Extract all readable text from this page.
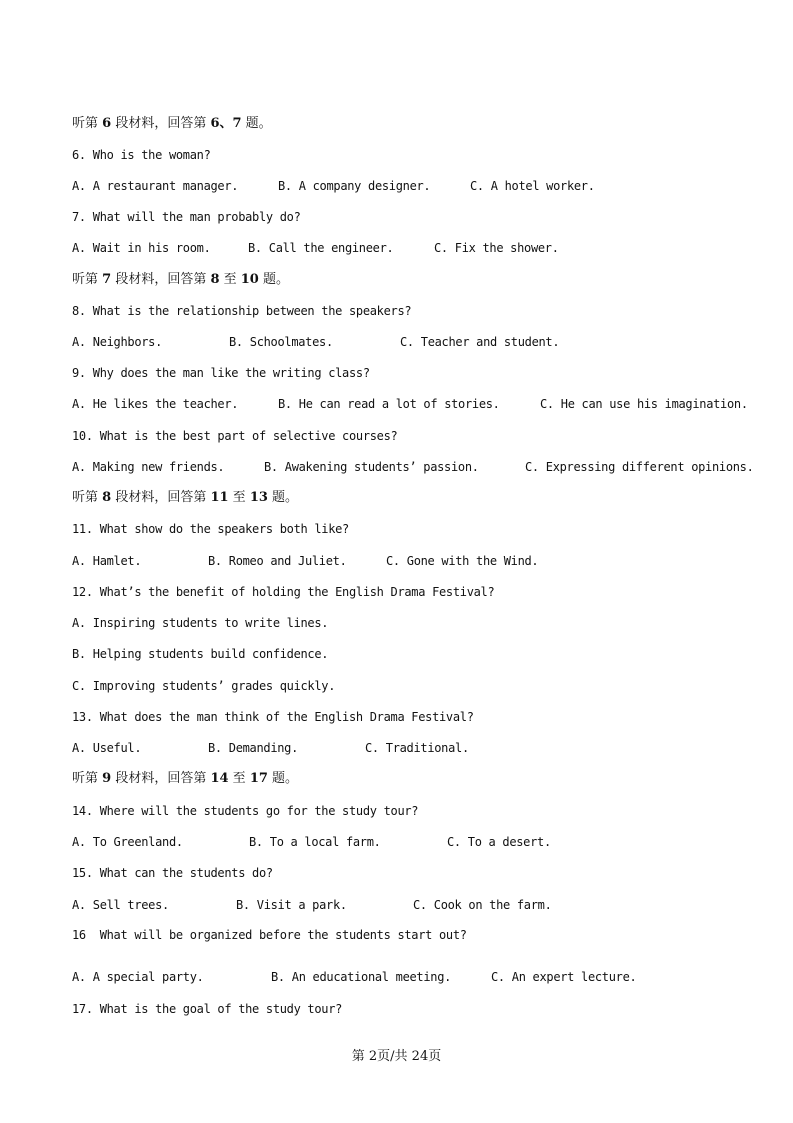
听第 6 段材料，回答第 6、7 题。
6. Who is the woman?
A. A restaurant manager.	B. A company designer.	C. A hotel worker.
7. What will the man probably do?
A. Wait in his room.	B. Call the engineer.	C. Fix the shower.
听第 7 段材料，回答第 8 至 10 题。
8. What is the relationship between the speakers?
A. Neighbors.	B. Schoolmates.	C. Teacher and student.
9. Why does the man like the writing class?
A. He likes the teacher.	B. He can read a lot of stories.	C. He can use his imagination.
10. What is the best part of selective courses?
A. Making new friends.	B. Awakening students’ passion.	C. Expressing different opinions.
听第 8 段材料，回答第 11 至 13 题。
11. What show do the speakers both like?
A. Hamlet.	B. Romeo and Juliet.	C. Gone with the Wind.
12. What’s the benefit of holding the English Drama Festival?
A. Inspiring students to write lines.
B. Helping students build confidence.
C. Improving students’ grades quickly.
13. What does the man think of the English Drama Festival?
A. Useful.	B. Demanding.	C. Traditional.
听第 9 段材料，回答第 14 至 17 题。
14. Where will the students go for the study tour?
A. To Greenland.	B. To a local farm.	C. To a desert.
15. What can the students do?
A. Sell trees.	B. Visit a park.	C. Cook on the farm.
16  What will be organized before the students start out?
A. A special party.	B. An educational meeting.	C. An expert lecture.
17. What is the goal of the study tour?
第 2页/共 24页
